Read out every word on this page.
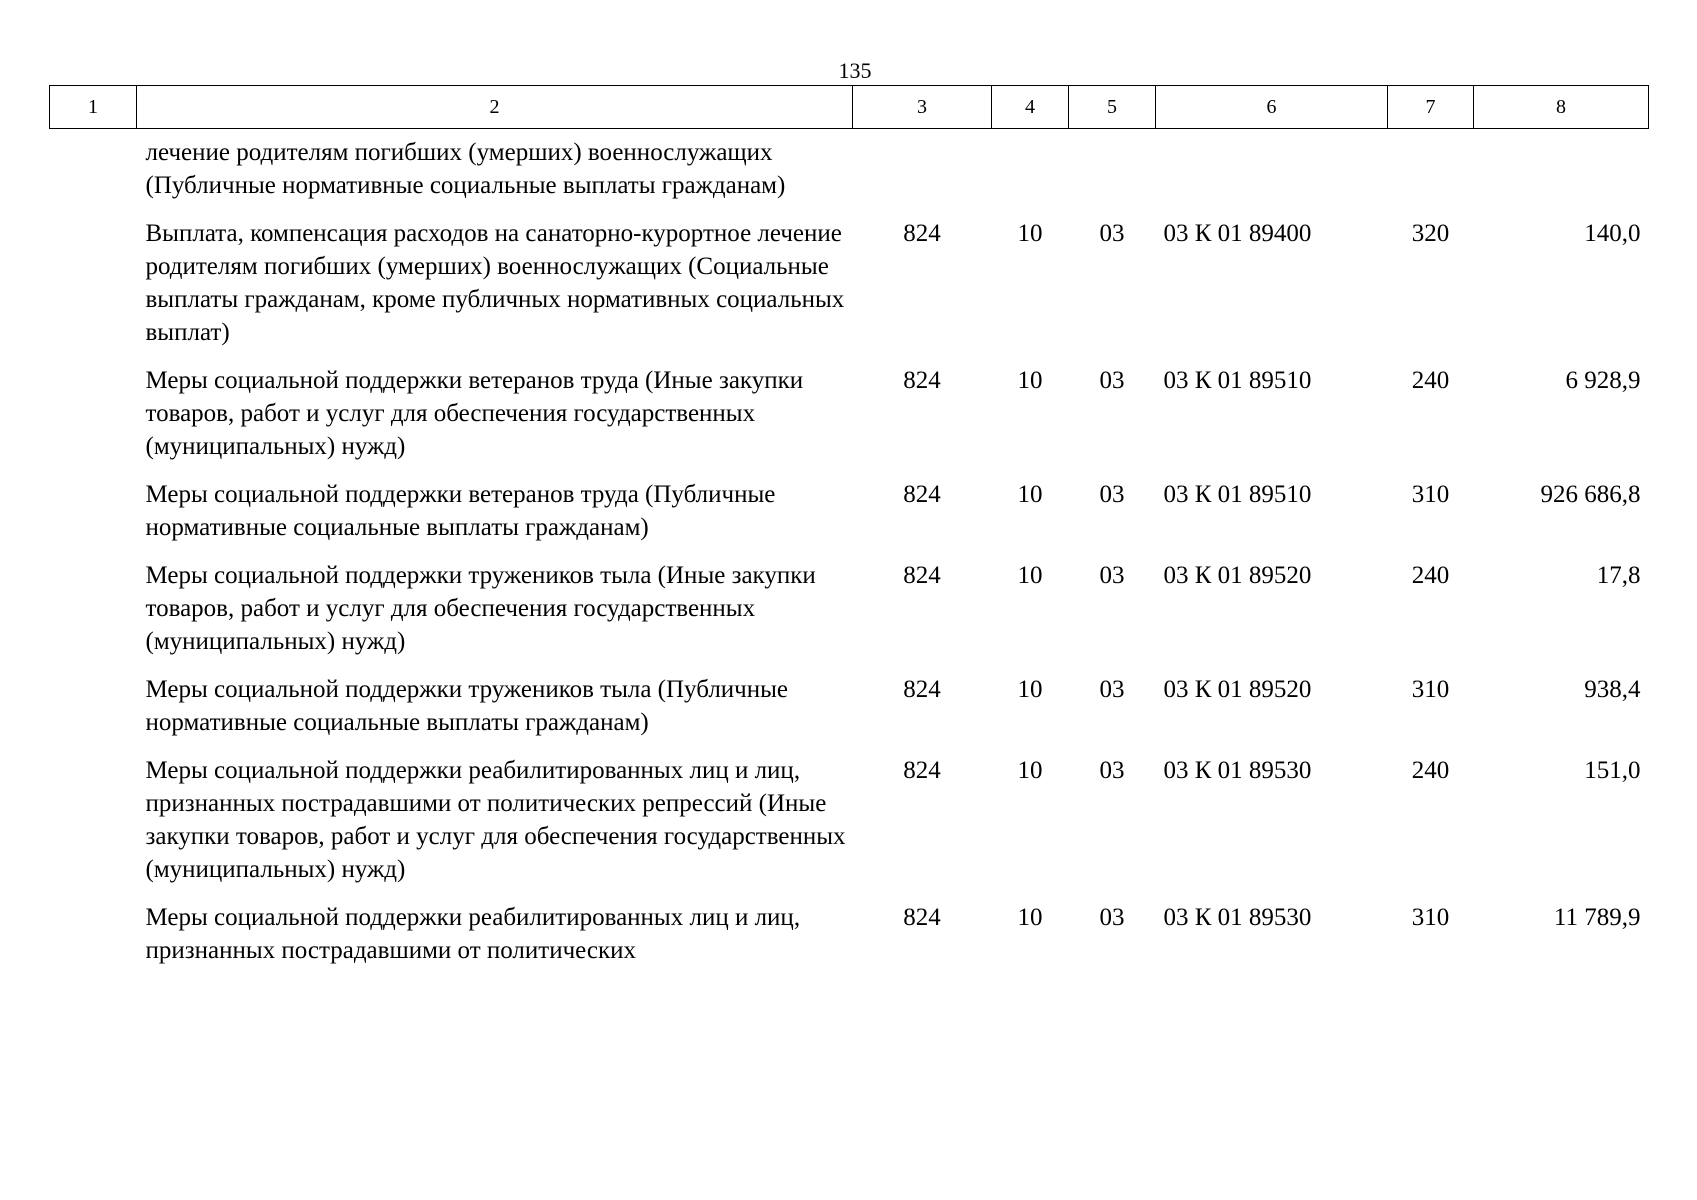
135
1	2	3	4	5	6	7	8
	лечение родителям погибших (умерших) военнослужащих (Публичные нормативные социальные выплаты гражданам)						
	Выплата, компенсация расходов на санаторно-курортное лечение родителям погибших (умерших) военнослужащих (Социальные выплаты гражданам, кроме публичных нормативных социальных выплат)	824	10	03	03 К 01 89400	320	140,0
	Меры социальной поддержки ветеранов труда (Иные закупки товаров, работ и услуг для обеспечения государственных (муниципальных) нужд)	824	10	03	03 К 01 89510	240	6 928,9
	Меры социальной поддержки ветеранов труда (Публичные нормативные социальные выплаты гражданам)	824	10	03	03 К 01 89510	310	926 686,8
	Меры социальной поддержки тружеников тыла (Иные закупки товаров, работ и услуг для обеспечения государственных (муниципальных) нужд)	824	10	03	03 К 01 89520	240	17,8
	Меры социальной поддержки тружеников тыла (Публичные нормативные социальные выплаты гражданам)	824	10	03	03 К 01 89520	310	938,4
	Меры социальной поддержки реабилитированных лиц и лиц, признанных пострадавшими от политических репрессий (Иные закупки товаров, работ и услуг для обеспечения государственных (муниципальных) нужд)	824	10	03	03 К 01 89530	240	151,0
	Меры социальной поддержки реабилитированных лиц и лиц, признанных пострадавшими от политических	824	10	03	03 К 01 89530	310	11 789,9
